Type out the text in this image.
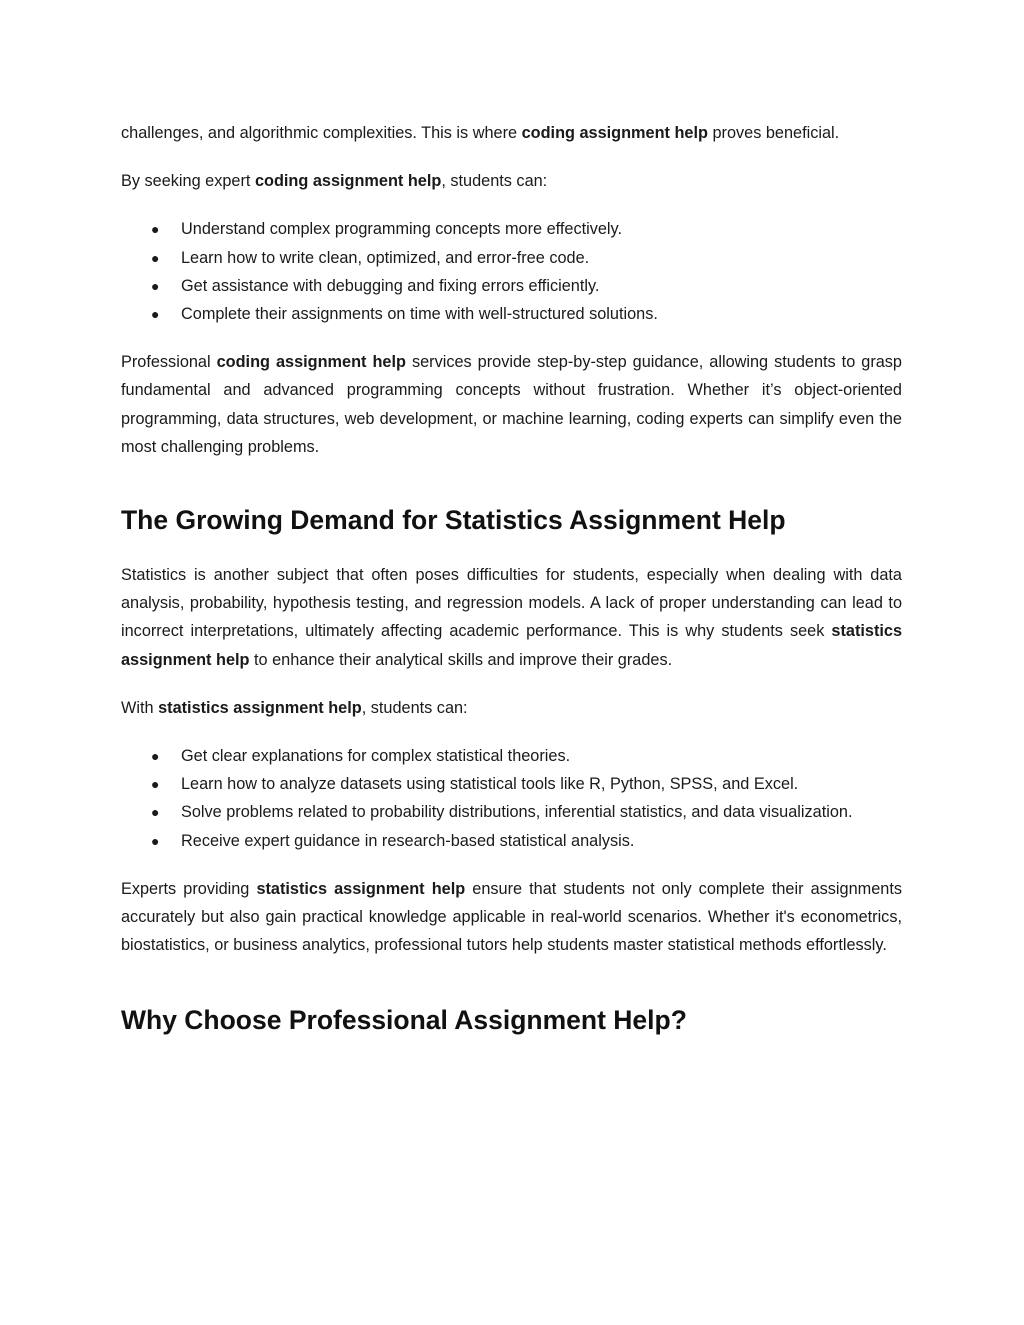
challenges, and algorithmic complexities. This is where coding assignment help proves beneficial.

By seeking expert coding assignment help, students can:

● Understand complex programming concepts more effectively.
● Learn how to write clean, optimized, and error-free code.
● Get assistance with debugging and fixing errors efficiently.
● Complete their assignments on time with well-structured solutions.

Professional coding assignment help services provide step-by-step guidance, allowing students to grasp fundamental and advanced programming concepts without frustration. Whether it’s object-oriented programming, data structures, web development, or machine learning, coding experts can simplify even the most challenging problems.

The Growing Demand for Statistics Assignment Help

Statistics is another subject that often poses difficulties for students, especially when dealing with data analysis, probability, hypothesis testing, and regression models. A lack of proper understanding can lead to incorrect interpretations, ultimately affecting academic performance. This is why students seek statistics assignment help to enhance their analytical skills and improve their grades.

With statistics assignment help, students can:

● Get clear explanations for complex statistical theories.
● Learn how to analyze datasets using statistical tools like R, Python, SPSS, and Excel.
● Solve problems related to probability distributions, inferential statistics, and data visualization.
● Receive expert guidance in research-based statistical analysis.

Experts providing statistics assignment help ensure that students not only complete their assignments accurately but also gain practical knowledge applicable in real-world scenarios. Whether it's econometrics, biostatistics, or business analytics, professional tutors help students master statistical methods effortlessly.

Why Choose Professional Assignment Help?
